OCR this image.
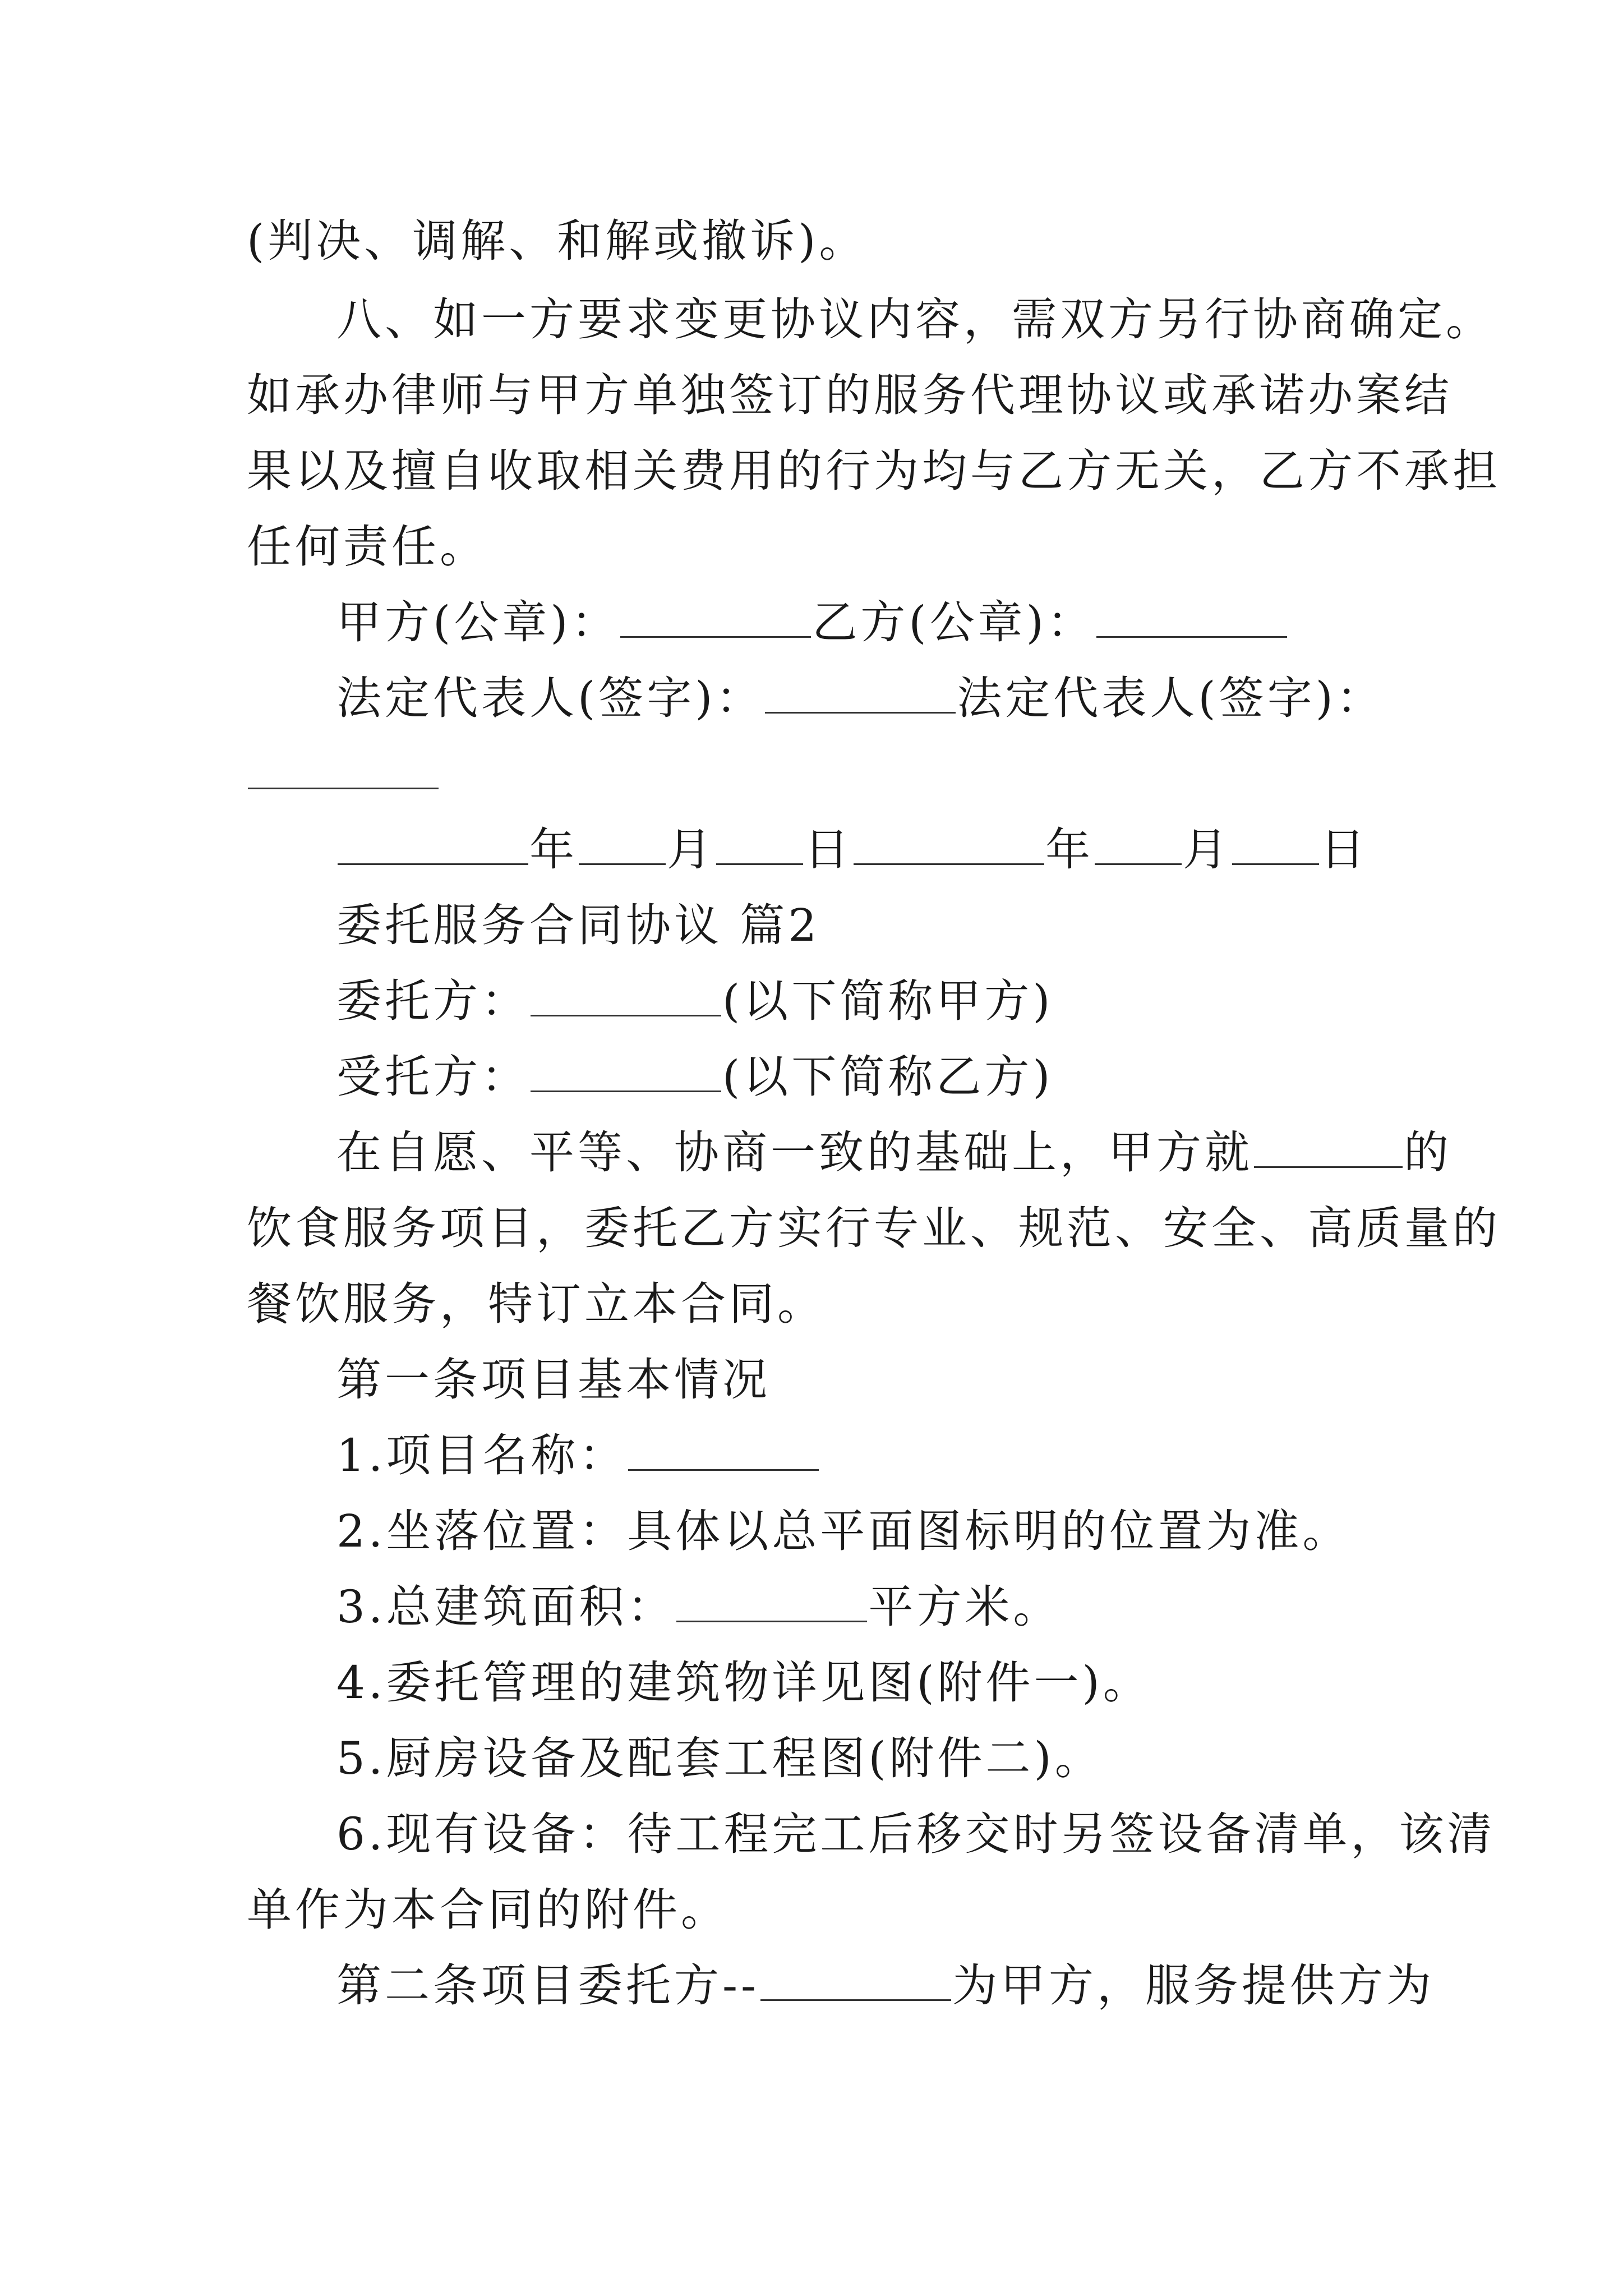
(判决、调解、和解或撤诉)。
八、如一方要求变更协议内容，需双方另行协商确定。
如承办律师与甲方单独签订的服务代理协议或承诺办案结
果以及擅自收取相关费用的行为均与乙方无关，乙方不承担
任何责任。
甲方(公章)：	乙方(公章)：
法定代表人(签字)：	法定代表人(签字)：
年 月 日	年 月 日
委托服务合同协议 篇2
委托方：	(以下简称甲方)
受托方：	(以下简称乙方)
在自愿、平等、协商一致的基础上，甲方就	的
饮食服务项目，委托乙方实行专业、规范、安全、高质量的
餐饮服务，特订立本合同。
第一条项目基本情况
1.项目名称：
2.坐落位置：具体以总平面图标明的位置为准。
3.总建筑面积：	平方米。
4.委托管理的建筑物详见图(附件一)。
5.厨房设备及配套工程图(附件二)。
6.现有设备：待工程完工后移交时另签设备清单，该清
单作为本合同的附件。
第二条项目委托方--	为甲方，服务提供方为
